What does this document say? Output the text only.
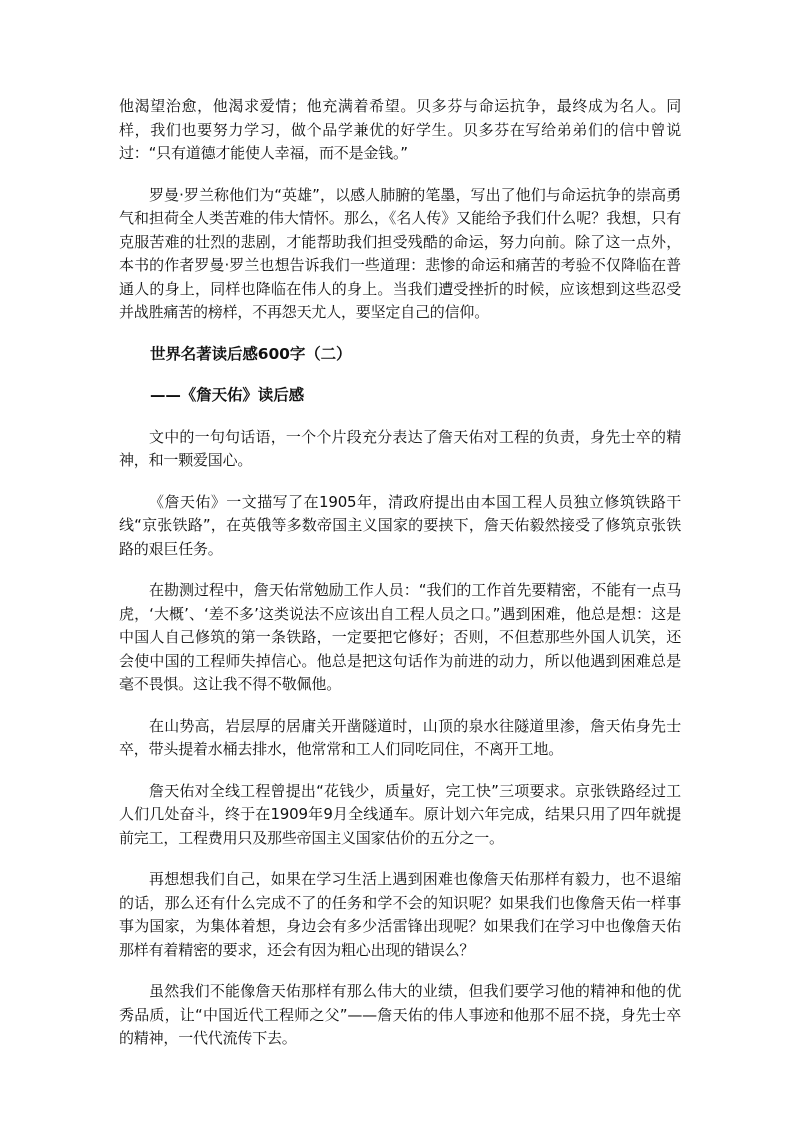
他渴望治愈，他渴求爱情；他充满着希望。贝多芬与命运抗争，最终成为名人。同样，我们也要努力学习，做个品学兼优的好学生。贝多芬在写给弟弟们的信中曾说过：“只有道德才能使人幸福，而不是金钱。”

罗曼·罗兰称他们为“英雄”，以感人肺腑的笔墨，写出了他们与命运抗争的崇高勇气和担荷全人类苦难的伟大情怀。那么，《名人传》又能给予我们什么呢？我想，只有克服苦难的壮烈的悲剧，才能帮助我们担受残酷的命运，努力向前。除了这一点外，本书的作者罗曼·罗兰也想告诉我们一些道理：悲惨的命运和痛苦的考验不仅降临在普通人的身上，同样也降临在伟人的身上。当我们遭受挫折的时候，应该想到这些忍受并战胜痛苦的榜样，不再怨天尤人，要坚定自己的信仰。

世界名著读后感600字（二）
——《詹天佑》读后感

文中的一句句话语，一个个片段充分表达了詹天佑对工程的负责，身先士卒的精神，和一颗爱国心。

《詹天佑》一文描写了在1905年，清政府提出由本国工程人员独立修筑铁路干线“京张铁路”，在英俄等多数帝国主义国家的要挟下，詹天佑毅然接受了修筑京张铁路的艰巨任务。

在勘测过程中，詹天佑常勉励工作人员：“我们的工作首先要精密，不能有一点马虎，‘大概’、‘差不多’这类说法不应该出自工程人员之口。”遇到困难，他总是想：这是中国人自己修筑的第一条铁路，一定要把它修好；否则，不但惹那些外国人讥笑，还会使中国的工程师失掉信心。他总是把这句话作为前进的动力，所以他遇到困难总是毫不畏惧。这让我不得不敬佩他。

在山势高，岩层厚的居庸关开凿隧道时，山顶的泉水往隧道里渗，詹天佑身先士卒，带头提着水桶去排水，他常常和工人们同吃同住，不离开工地。

詹天佑对全线工程曾提出“花钱少，质量好，完工快”三项要求。京张铁路经过工人们几处奋斗，终于在1909年9月全线通车。原计划六年完成，结果只用了四年就提前完工，工程费用只及那些帝国主义国家估价的五分之一。

再想想我们自己，如果在学习生活上遇到困难也像詹天佑那样有毅力，也不退缩的话，那么还有什么完成不了的任务和学不会的知识呢？如果我们也像詹天佑一样事事为国家，为集体着想，身边会有多少活雷锋出现呢？如果我们在学习中也像詹天佑那样有着精密的要求，还会有因为粗心出现的错误么？

虽然我们不能像詹天佑那样有那么伟大的业绩，但我们要学习他的精神和他的优秀品质，让“中国近代工程师之父”——詹天佑的伟人事迹和他那不屈不挠，身先士卒的精神，一代代流传下去。
